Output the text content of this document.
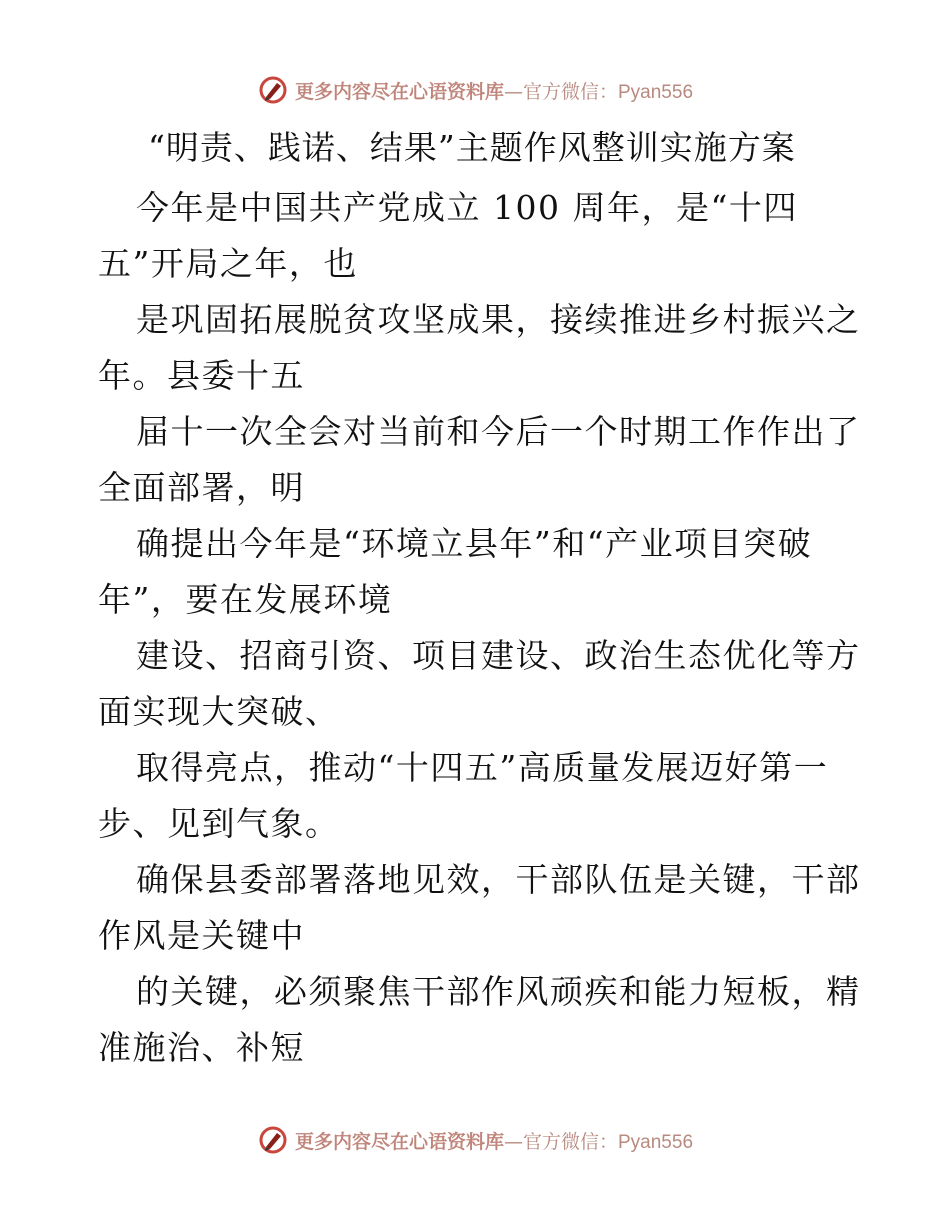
更多内容尽在心语资料库—官方微信：Pyan556
“明责、践诺、结果”主题作风整训实施方案
今年是中国共产党成立 100 周年，是“十四
五”开局之年，也
是巩固拓展脱贫攻坚成果，接续推进乡村振兴之
年。县委十五
届十一次全会对当前和今后一个时期工作作出了
全面部署，明
确提出今年是“环境立县年”和“产业项目突破
年”，要在发展环境
建设、招商引资、项目建设、政治生态优化等方
面实现大突破、
取得亮点，推动“十四五”高质量发展迈好第一
步、见到气象。
确保县委部署落地见效，干部队伍是关键，干部
作风是关键中
的关键，必须聚焦干部作风顽疾和能力短板，精
准施治、补短
更多内容尽在心语资料库—官方微信：Pyan556
